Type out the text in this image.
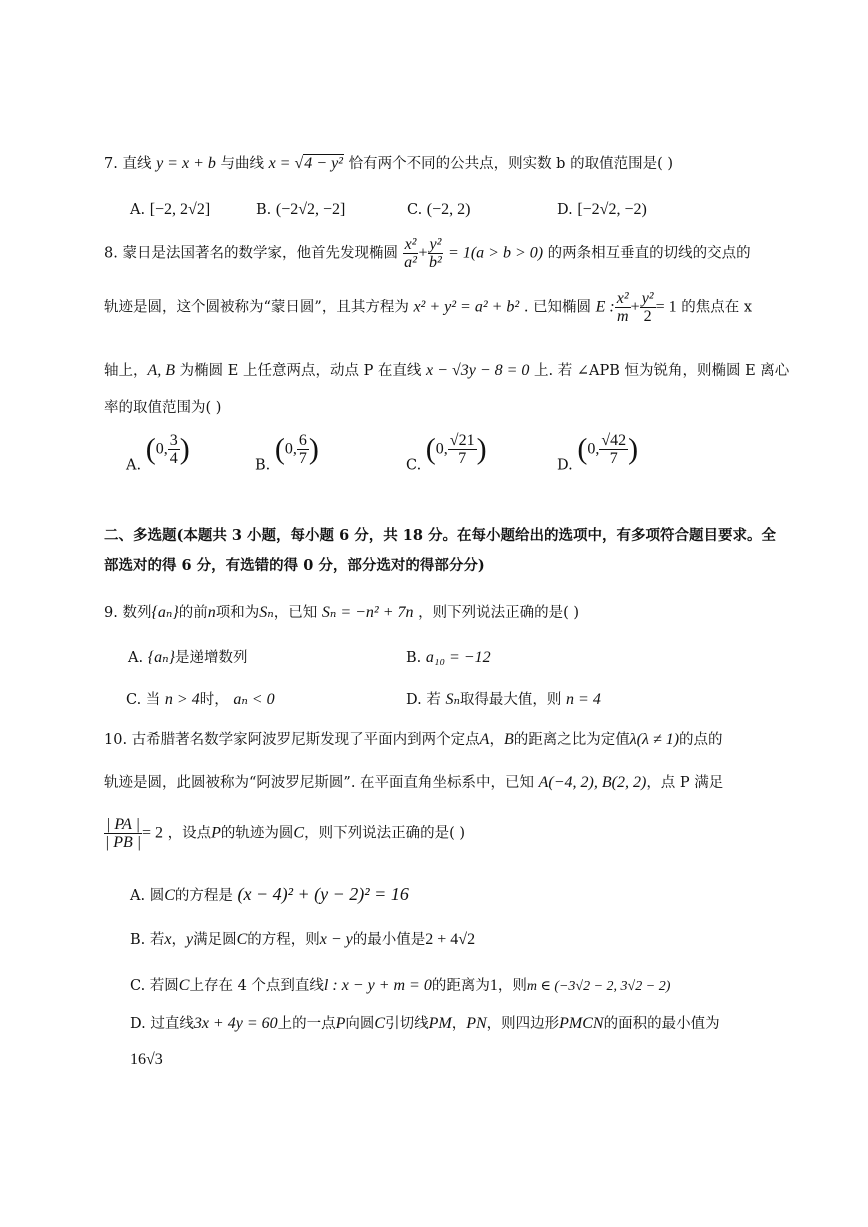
7. 直线 y = x + b 与曲线 x = √4 − y² 恰有两个不同的公共点，则实数 b 的取值范围是( )
A. [−2, 2√2]	B. (−2√2, −2]	C. (−2, 2)	D. [−2√2, −2)
8. 蒙日是法国著名的数学家，他首先发现椭圆 $\frac{\text{x²}}{\text{a²}} + \frac{\text{y²}}{\text{b²}} = 1(a > b > 0)$ 的两条相互垂直的切线的交点的
轨迹是圆，这个圆被称为“蒙日圆”，且其方程为 x² + y² = a² + b² . 已知椭圆 E : $\frac{\text{x²}}{m} + \frac{\text{y²}}{2} = 1$ 的焦点在 x
轴上，A, B 为椭圆 E 上任意两点，动点 P 在直线 x − √3y − 8 = 0 上. 若 ∠APB 恒为锐角，则椭圆 E 离心
率的取值范围为( )
A. (0, $\frac{3}{4}$ )	B. (0, $\frac{6}{7}$ )	C. (0, $\frac{√21}{7}$ )	D. (0, $\frac{√42}{7}$ )
二、多选题(本题共 3 小题，每小题 6 分，共 18 分。在每小题给出的选项中，有多项符合题目要求。全
部选对的得 6 分，有选错的得 0 分，部分选对的得部分分)
9. 数列{aₙ}的前n项和为Sₙ，已知 Sₙ = −n² + 7n ，则下列说法正确的是( )
A. {aₙ}是递增数列	B. a₁₀ = −12
C. 当 n > 4时， aₙ < 0	D. 若 Sₙ取得最大值，则 n = 4
10. 古希腊著名数学家阿波罗尼斯发现了平面内到两个定点A，B的距离之比为定值λ(λ ≠ 1)的点的
轨迹是圆，此圆被称为“阿波罗尼斯圆”. 在平面直角坐标系中，已知 A(−4, 2), B(2, 2)，点 P 满足
$\frac{| PA |}{| PB |} = 2$ ，设点P的轨迹为圆C，则下列说法正确的是( )
A. 圆C的方程是 (x − 4)² + (y − 2)² = 16
B. 若x，y满足圆C的方程，则x − y的最小值是2 + 4√2
C. 若圆C上存在 4 个点到直线l : x − y + m = 0的距离为1，则m ∈ (−3√2 − 2, 3√2 − 2)
D. 过直线3x + 4y = 60上的一点P向圆C引切线PM，PN，则四边形PMCN的面积的最小值为
16√3
